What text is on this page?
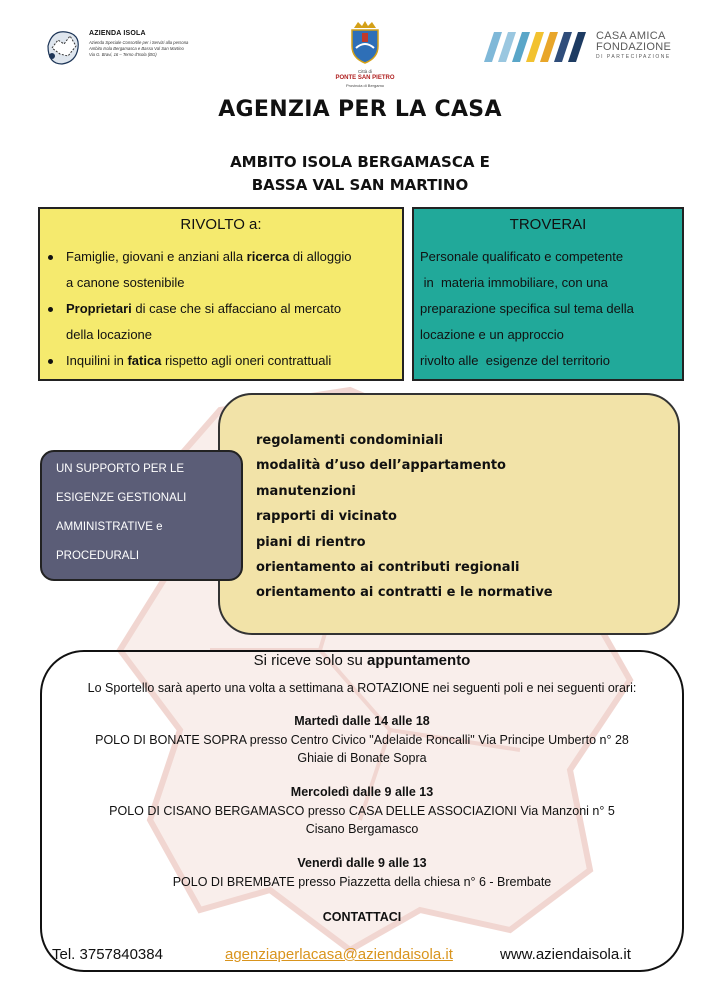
AZIENDA ISOLA
Azienda Speciale Consortile per i Servizi alla persona
Ambito Isola Bergamasca e Bassa Val San Martino
Via G. Bravi, 16 – Terno d'Isola (BG)
Città di
PONTE SAN PIETRO
Provincia di Bergamo
CASA AMICA
FONDAZIONE
DI PARTECIPAZIONE
AGENZIA PER LA CASA
AMBITO ISOLA BERGAMASCA E
BASSA VAL SAN MARTINO
RIVOLTO a:
Famiglie, giovani e anziani alla ricerca di alloggio
a canone sostenibile
Proprietari di case che si affacciano al mercato
della locazione
Inquilini in fatica rispetto agli oneri contrattuali
TROVERAI
Personale qualificato e competente
in  materia immobiliare, con una
preparazione specifica sul tema della
locazione e un approccio
rivolto alle  esigenze del territorio
regolamenti condominiali
modalità d’uso dell’appartamento
manutenzioni
rapporti di vicinato
piani di rientro
orientamento ai contributi regionali
orientamento ai contratti e le normative
UN SUPPORTO PER LE
ESIGENZE GESTIONALI
AMMINISTRATIVE e
PROCEDURALI
Si riceve solo su appuntamento
Lo Sportello sarà aperto una volta a settimana a ROTAZIONE nei seguenti poli e nei seguenti orari:
Martedì dalle 14 alle 18
POLO DI BONATE SOPRA presso Centro Civico "Adelaide Roncalli" Via Principe Umberto n° 28
Ghiaie di Bonate Sopra
Mercoledì dalle 9 alle 13
POLO DI CISANO BERGAMASCO presso CASA DELLE ASSOCIAZIONI Via Manzoni n° 5
Cisano Bergamasco
Venerdì dalle 9 alle 13
POLO DI BREMBATE presso Piazzetta della chiesa n° 6 - Brembate
CONTATTACI
Tel. 3757840384	agenziaperlacasa@aziendaisola.it	www.aziendaisola.it
